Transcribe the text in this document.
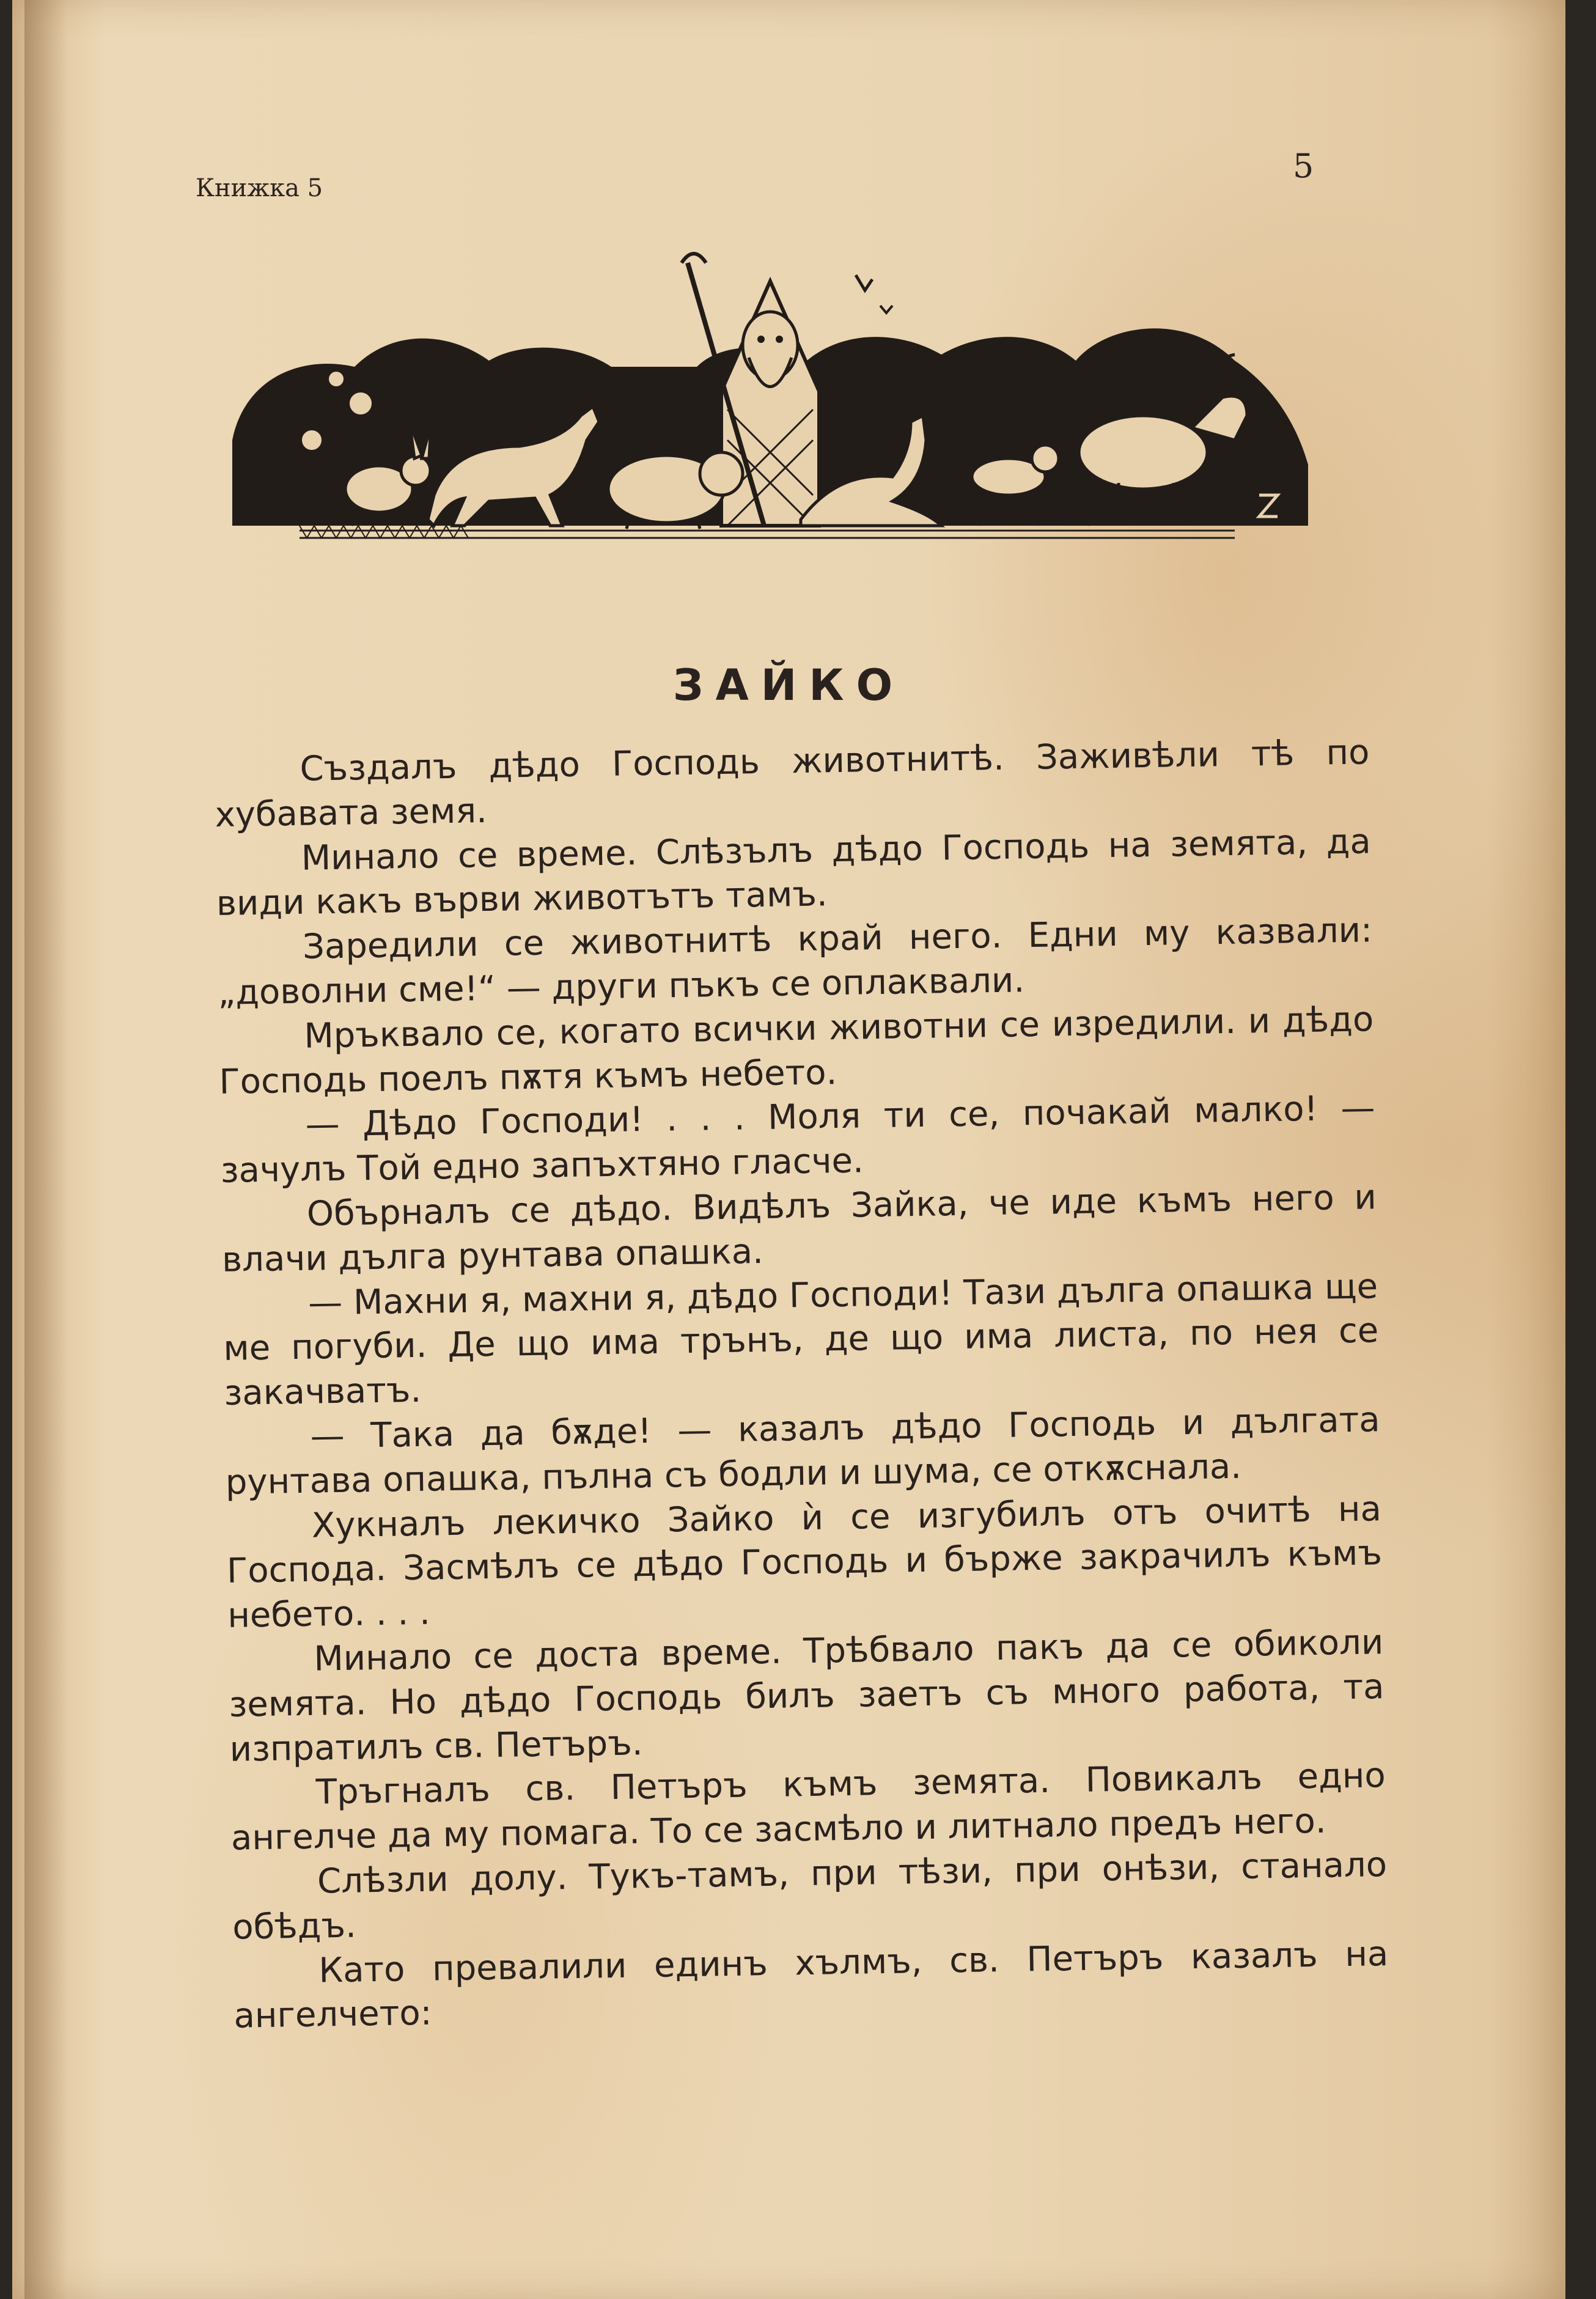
Книжка 5
5
ЗАЙКО

Създалъ дѣдо Господь животнитѣ. Заживѣли тѣ по хубавата земя.

Минало се време. Слѣзълъ дѣдо Господь на земята, да види какъ върви животътъ тамъ.

Заредили се животнитѣ край него. Едни му казвали: „доволни сме!“ — други пъкъ се оплаквали.

Мръквало се, когато всички животни се изредили. и дѣдо Господь поелъ пѫтя къмъ небето.

— Дѣдо Господи! . . . Моля ти се, почакай малко! — зачулъ Той едно запъхтяно гласче.

Обърналъ се дѣдо. Видѣлъ Зайка, че иде къмъ него и влачи дълга рунтава опашка.

— Махни я, махни я, дѣдо Господи! Тази дълга опашка ще ме погуби. Де що има трънъ, де що има листа, по нея се закачватъ.

— Така да бѫде! — казалъ дѣдо Господь и дългата рунтава опашка, пълна съ бодли и шума, се откѫснала.

Хукналъ лекичко Зайко ѝ се изгубилъ отъ очитѣ на Господа. Засмѣлъ се дѣдо Господь и бърже закрачилъ къмъ небето. . . .

Минало се доста време. Трѣбвало пакъ да се обиколи земята. Но дѣдо Господь билъ заетъ съ много работа, та изпратилъ св. Петъръ.

Тръгналъ св. Петъръ къмъ земята. Повикалъ едно ангелче да му помага. То се засмѣло и литнало предъ него.

Слѣзли долу. Тукъ-тамъ, при тѣзи, при онѣзи, станало обѣдъ.

Като превалили единъ хълмъ, св. Петъръ казалъ на ангелчето:
